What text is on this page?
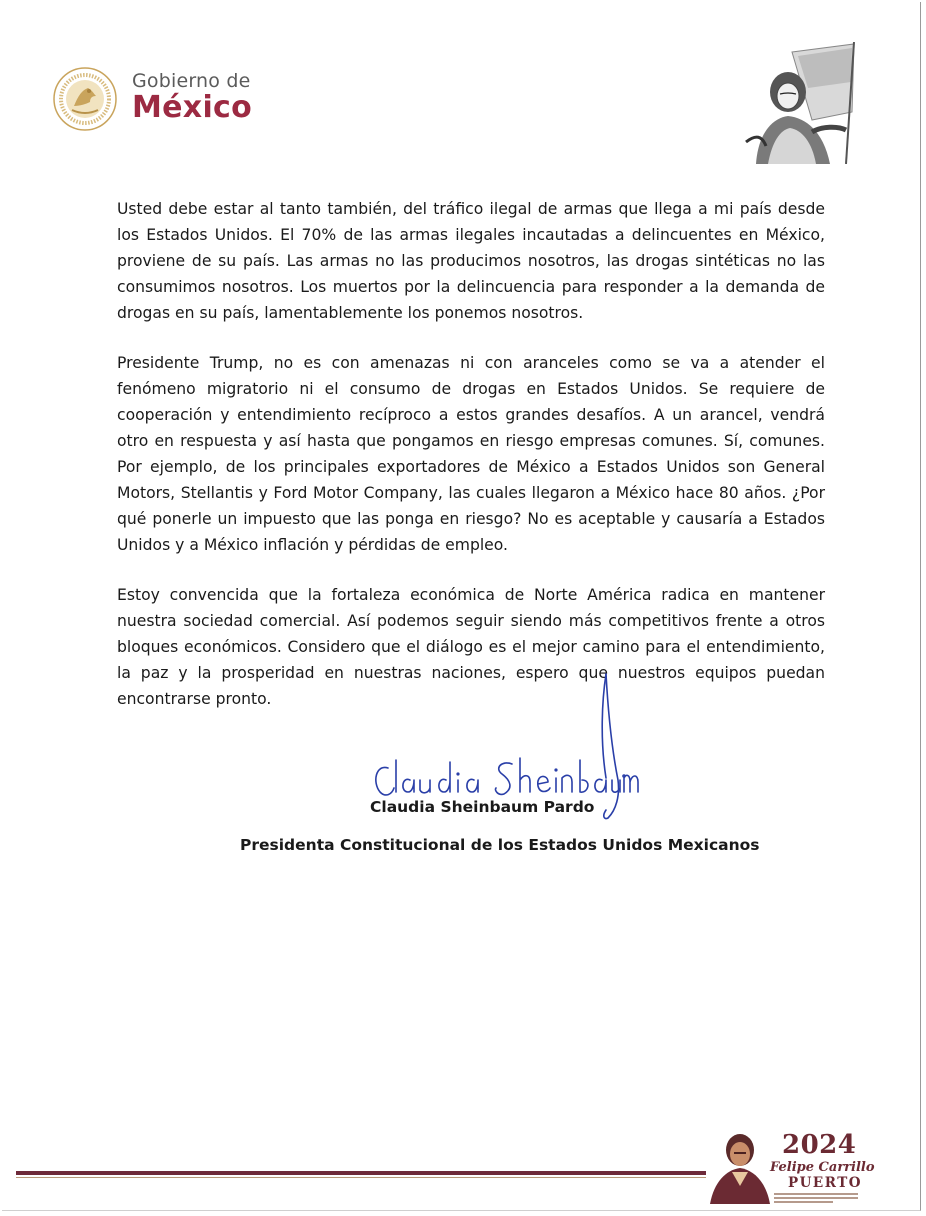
Gobierno de
México

Usted debe estar al tanto también, del tráfico ilegal de armas que llega a mi país desde los Estados Unidos. El 70% de las armas ilegales incautadas a delincuentes en México, proviene de su país. Las armas no las producimos nosotros, las drogas sintéticas no las consumimos nosotros. Los muertos por la delincuencia para responder a la demanda de drogas en su país, lamentablemente los ponemos nosotros.

Presidente Trump, no es con amenazas ni con aranceles como se va a atender el fenómeno migratorio ni el consumo de drogas en Estados Unidos. Se requiere de cooperación y entendimiento recíproco a estos grandes desafíos. A un arancel, vendrá otro en respuesta y así hasta que pongamos en riesgo empresas comunes. Sí, comunes. Por ejemplo, de los principales exportadores de México a Estados Unidos son General Motors, Stellantis y Ford Motor Company, las cuales llegaron a México hace 80 años. ¿Por qué ponerle un impuesto que las ponga en riesgo? No es aceptable y causaría a Estados Unidos y a México inflación y pérdidas de empleo.

Estoy convencida que la fortaleza económica de Norte América radica en mantener nuestra sociedad comercial. Así podemos seguir siendo más competitivos frente a otros bloques económicos. Considero que el diálogo es el mejor camino para el entendimiento, la paz y la prosperidad en nuestras naciones, espero que nuestros equipos puedan encontrarse pronto.

Claudia Sheinbaum Pardo
Presidenta Constitucional de los Estados Unidos Mexicanos
2024
Felipe Carrillo
PUERTO
